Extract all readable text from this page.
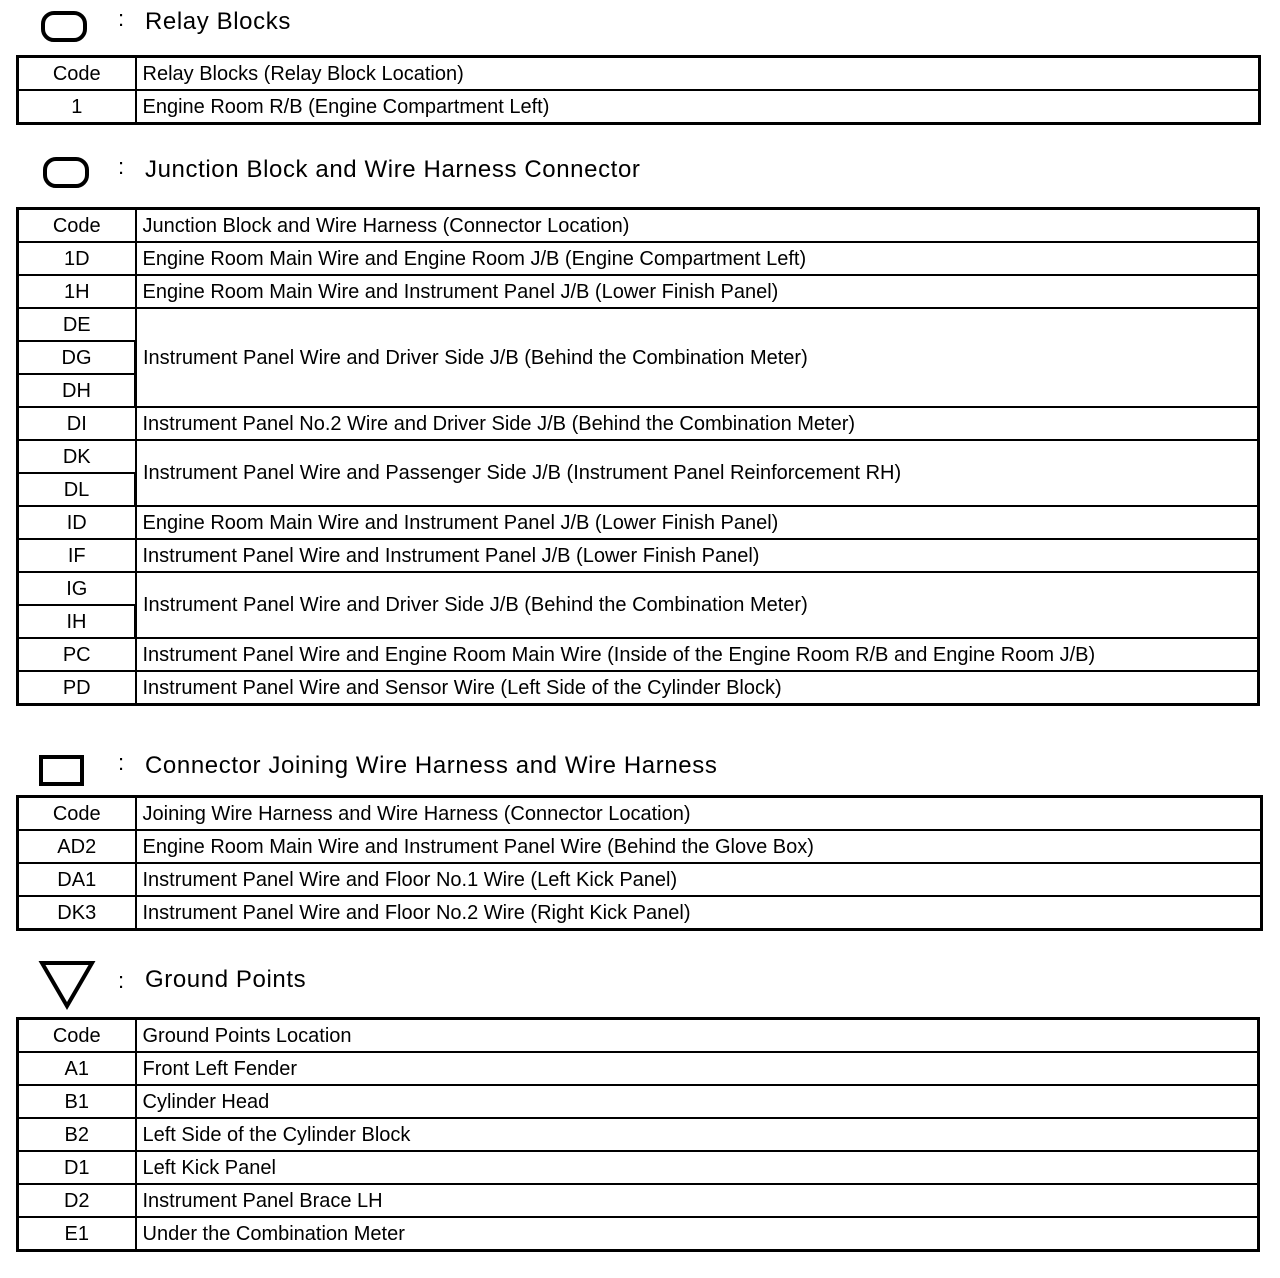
: Relay Blocks
Code	Relay Blocks (Relay Block Location)
1	Engine Room R/B (Engine Compartment Left)
: Junction Block and Wire Harness Connector
Code	Junction Block and Wire Harness (Connector Location)
1D	Engine Room Main Wire and Engine Room J/B (Engine Compartment Left)
1H	Engine Room Main Wire and Instrument Panel J/B (Lower Finish Panel)
DE	Instrument Panel Wire and Driver Side J/B (Behind the Combination Meter)
DG	
DH	
DI	Instrument Panel No.2 Wire and Driver Side J/B (Behind the Combination Meter)
DK	Instrument Panel Wire and Passenger Side J/B (Instrument Panel Reinforcement RH)
DL	
ID	Engine Room Main Wire and Instrument Panel J/B (Lower Finish Panel)
IF	Instrument Panel Wire and Instrument Panel J/B (Lower Finish Panel)
IG	Instrument Panel Wire and Driver Side J/B (Behind the Combination Meter)
IH	
PC	Instrument Panel Wire and Engine Room Main Wire (Inside of the Engine Room R/B and Engine Room J/B)
PD	Instrument Panel Wire and Sensor Wire (Left Side of the Cylinder Block)
: Connector Joining Wire Harness and Wire Harness
Code	Joining Wire Harness and Wire Harness (Connector Location)
AD2	Engine Room Main Wire and Instrument Panel Wire (Behind the Glove Box)
DA1	Instrument Panel Wire and Floor No.1 Wire (Left Kick Panel)
DK3	Instrument Panel Wire and Floor No.2 Wire (Right Kick Panel)
: Ground Points
Code	Ground Points Location
A1	Front Left Fender
B1	Cylinder Head
B2	Left Side of the Cylinder Block
D1	Left Kick Panel
D2	Instrument Panel Brace LH
E1	Under the Combination Meter
